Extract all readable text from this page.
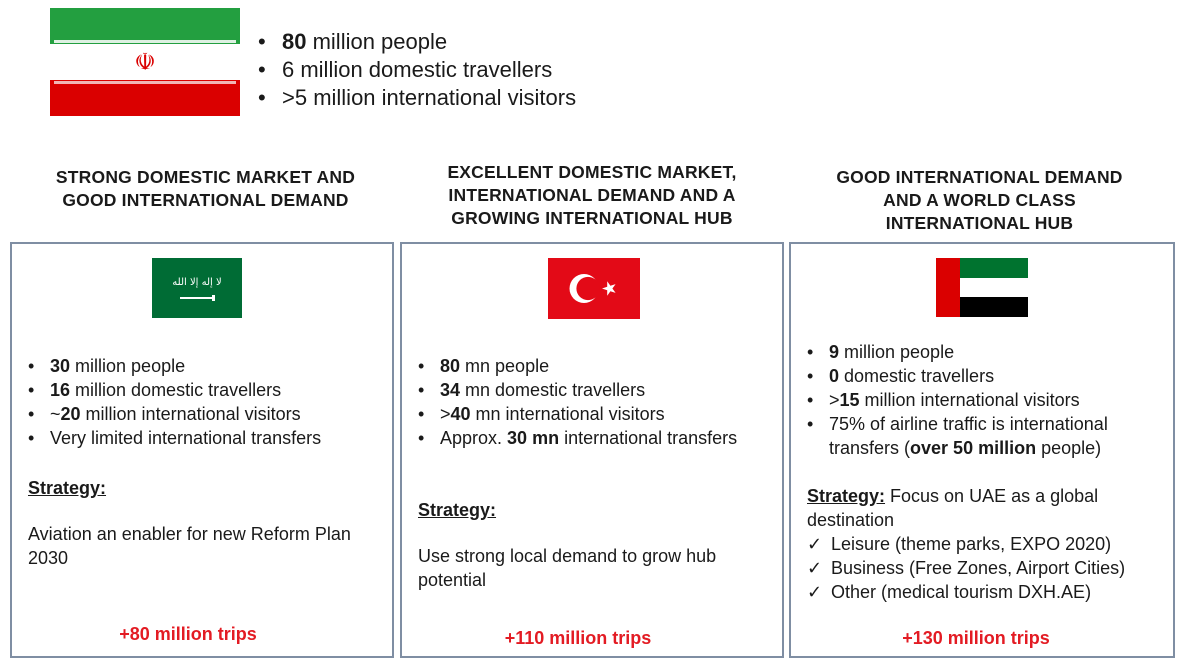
☫
• 80 million people
• 6 million domestic travellers
• >5 million international visitors
STRONG DOMESTIC MARKET AND
GOOD INTERNATIONAL DEMAND
EXCELLENT DOMESTIC MARKET,
INTERNATIONAL DEMAND AND A
GROWING INTERNATIONAL HUB
GOOD INTERNATIONAL DEMAND
AND A WORLD CLASS
INTERNATIONAL HUB
لا إله إلا الله
• 30 million people
• 16 million domestic travellers
• ~20 million international visitors
• Very limited international transfers
Strategy:
Aviation an enabler for new Reform Plan 2030
+80 million trips
• 80 mn people
• 34 mn domestic travellers
• >40 mn international visitors
• Approx. 30 mn international transfers
Strategy:
Use strong local demand to grow hub potential
+110 million trips
• 9 million people
• 0 domestic travellers
• >15 million international visitors
• 75% of airline traffic is international transfers (over 50 million people)
Strategy: Focus on UAE as a global destination
✓ Leisure (theme parks, EXPO 2020)
✓ Business (Free Zones, Airport Cities)
✓ Other (medical tourism DXH.AE)
+130 million trips
